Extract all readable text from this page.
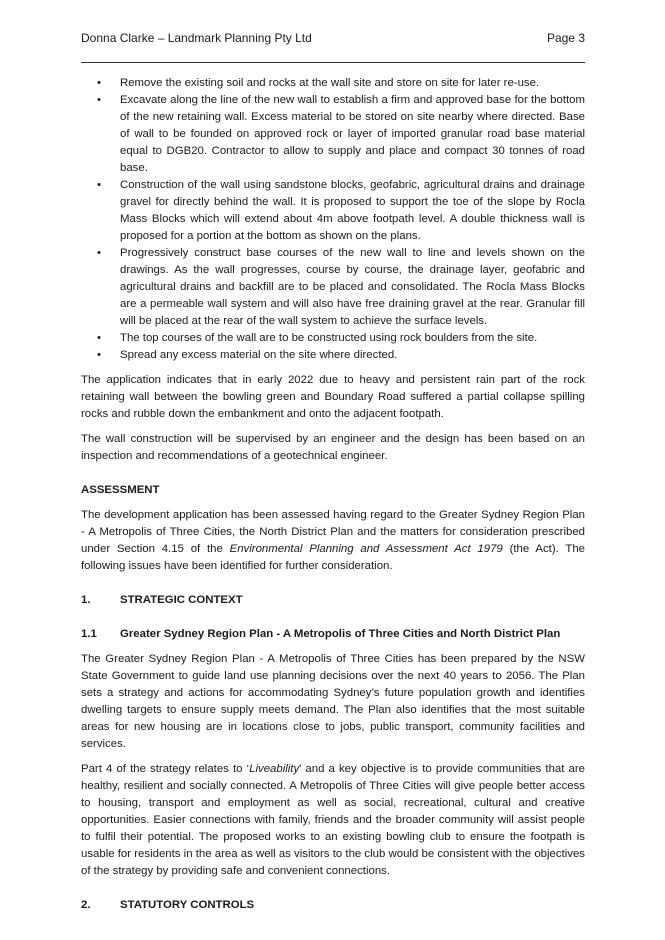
Donna Clarke – Landmark Planning Pty Ltd	Page 3
• Remove the existing soil and rocks at the wall site and store on site for later re-use.
• Excavate along the line of the new wall to establish a firm and approved base for the bottom of the new retaining wall. Excess material to be stored on site nearby where directed. Base of wall to be founded on approved rock or layer of imported granular road base material equal to DGB20. Contractor to allow to supply and place and compact 30 tonnes of road base.
• Construction of the wall using sandstone blocks, geofabric, agricultural drains and drainage gravel for directly behind the wall. It is proposed to support the toe of the slope by Rocla Mass Blocks which will extend about 4m above footpath level. A double thickness wall is proposed for a portion at the bottom as shown on the plans.
• Progressively construct base courses of the new wall to line and levels shown on the drawings. As the wall progresses, course by course, the drainage layer, geofabric and agricultural drains and backfill are to be placed and consolidated. The Rocla Mass Blocks are a permeable wall system and will also have free draining gravel at the rear. Granular fill will be placed at the rear of the wall system to achieve the surface levels.
• The top courses of the wall are to be constructed using rock boulders from the site.
• Spread any excess material on the site where directed.

The application indicates that in early 2022 due to heavy and persistent rain part of the rock retaining wall between the bowling green and Boundary Road suffered a partial collapse spilling rocks and rubble down the embankment and onto the adjacent footpath.

The wall construction will be supervised by an engineer and the design has been based on an inspection and recommendations of a geotechnical engineer.

ASSESSMENT

The development application has been assessed having regard to the Greater Sydney Region Plan - A Metropolis of Three Cities, the North District Plan and the matters for consideration prescribed under Section 4.15 of the Environmental Planning and Assessment Act 1979 (the Act). The following issues have been identified for further consideration.

1.	STRATEGIC CONTEXT
1.1	Greater Sydney Region Plan - A Metropolis of Three Cities and North District Plan

The Greater Sydney Region Plan - A Metropolis of Three Cities has been prepared by the NSW State Government to guide land use planning decisions over the next 40 years to 2056. The Plan sets a strategy and actions for accommodating Sydney’s future population growth and identifies dwelling targets to ensure supply meets demand. The Plan also identifies that the most suitable areas for new housing are in locations close to jobs, public transport, community facilities and services.

Part 4 of the strategy relates to ‘Liveability’ and a key objective is to provide communities that are healthy, resilient and socially connected. A Metropolis of Three Cities will give people better access to housing, transport and employment as well as social, recreational, cultural and creative opportunities. Easier connections with family, friends and the broader community will assist people to fulfil their potential. The proposed works to an existing bowling club to ensure the footpath is usable for residents in the area as well as visitors to the club would be consistent with the objectives of the strategy by providing safe and convenient connections.

2.	STATUTORY CONTROLS
